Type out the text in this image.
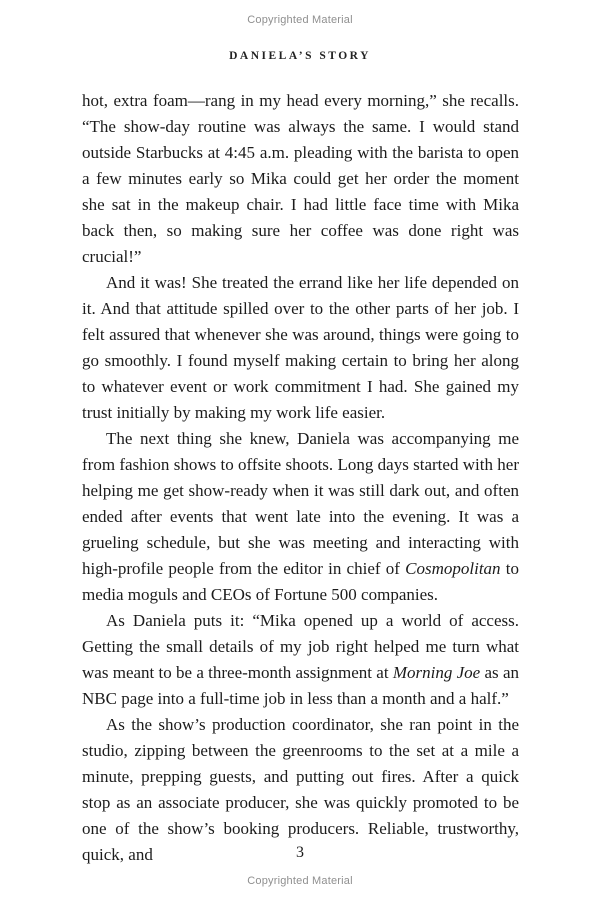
Copyrighted Material
DANIELA’S STORY

hot, extra foam—rang in my head every morning,” she recalls. “The show-day routine was always the same. I would stand outside Starbucks at 4:45 a.m. pleading with the barista to open a few minutes early so Mika could get her order the moment she sat in the makeup chair. I had little face time with Mika back then, so making sure her coffee was done right was crucial!”

And it was! She treated the errand like her life depended on it. And that attitude spilled over to the other parts of her job. I felt assured that whenever she was around, things were going to go smoothly. I found myself making certain to bring her along to whatever event or work commitment I had. She gained my trust initially by making my work life easier.

The next thing she knew, Daniela was accompanying me from fashion shows to offsite shoots. Long days started with her helping me get show-ready when it was still dark out, and often ended after events that went late into the evening. It was a grueling schedule, but she was meeting and interacting with high-profile people from the editor in chief of Cosmopolitan to media moguls and CEOs of Fortune 500 companies.

As Daniela puts it: “Mika opened up a world of access. Getting the small details of my job right helped me turn what was meant to be a three-month assignment at Morning Joe as an NBC page into a full-time job in less than a month and a half.”

As the show’s production coordinator, she ran point in the studio, zipping between the greenrooms to the set at a mile a minute, prepping guests, and putting out fires. After a quick stop as an associate producer, she was quickly promoted to be one of the show’s booking producers. Reliable, trustworthy, quick, and	3
Copyrighted Material
